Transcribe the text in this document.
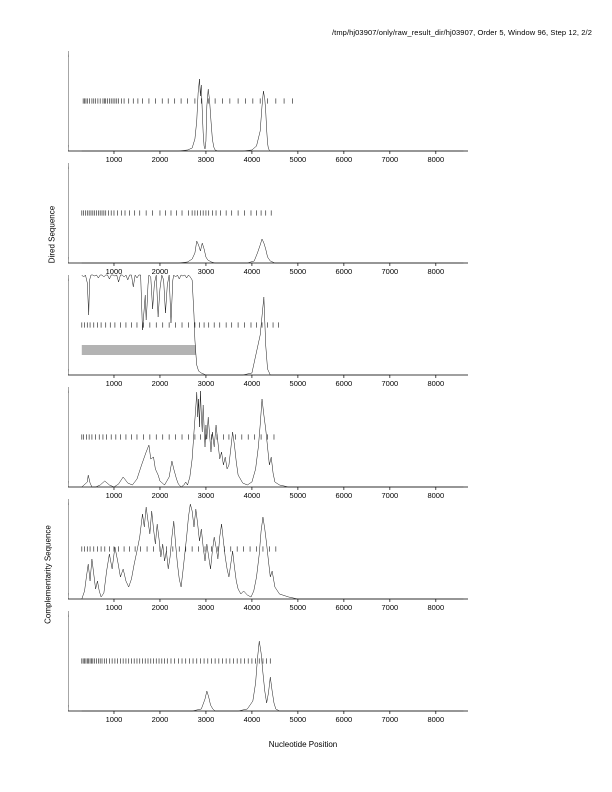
/tmp/hj03907/only/raw_result_dir/hj03907, Order 5, Window 96, Step 12, 2/2
Dired Sequence
Complementarity Sequence
Nucleotide Position
1000	2000	3000	4000	5000	6000	7000	8000
1000	2000	3000	4000	5000	6000	7000	8000
1000	2000	3000	4000	5000	6000	7000	8000
1000	2000	3000	4000	5000	6000	7000	8000
1000	2000	3000	4000	5000	6000	7000	8000
1000	2000	3000	4000	5000	6000	7000	8000
